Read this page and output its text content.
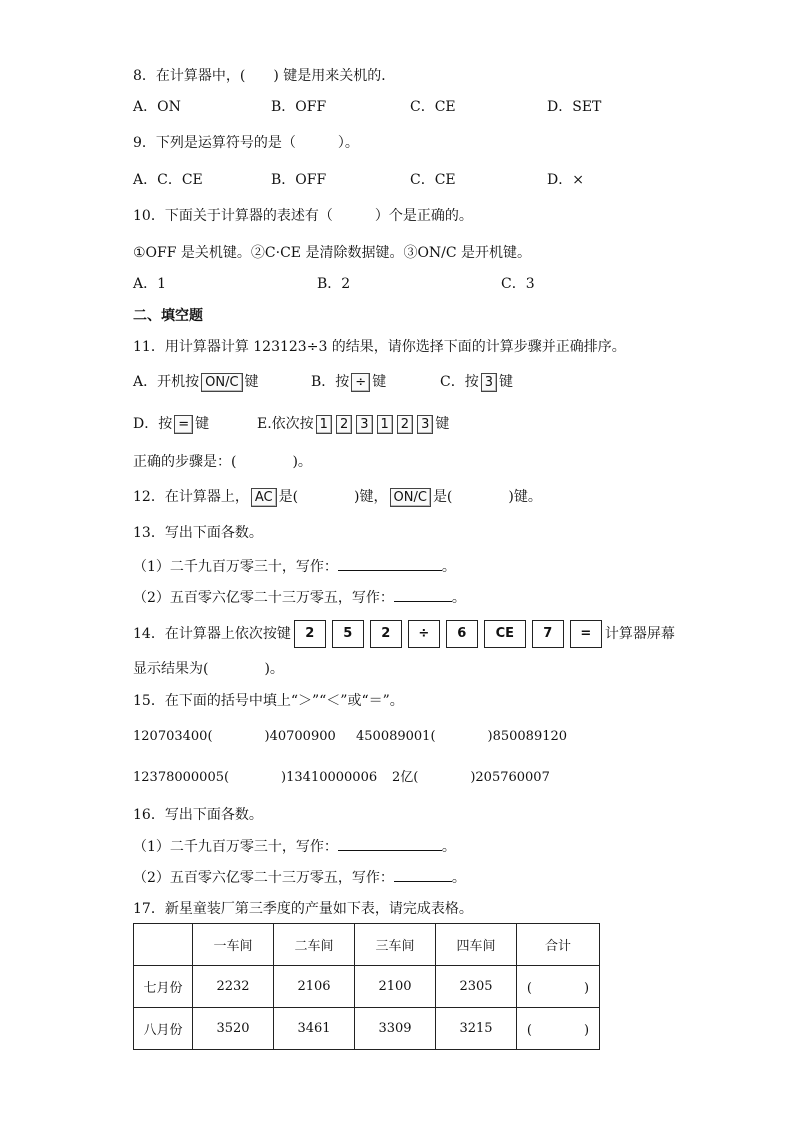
8．在计算器中，(　　) 键是用来关机的．
A．ON	B．OFF	C．CE	D．SET
9．下列是运算符号的是（　　　）。
A．C．CE	B．OFF	C．CE	D．×
10．下面关于计算器的表述有（　　　）个是正确的。
①OFF 是关机键。②C·CE 是清除数据键。③ON/C 是开机键。
A．1	B．2	C．3
二、填空题
11．用计算器计算 123123÷3 的结果，请你选择下面的计算步骤并正确排序。
A．开机按 ON/C 键	B．按 ÷ 键	C．按 3 键
D．按 = 键	E.依次按 1 2 3 1 2 3 键
正确的步骤是：(　　　　)。
12．在计算器上， AC 是(　　　　)键， ON/C 是(　　　　)键。
13．写出下面各数。
（1）二千九百万零三十，写作：	。
（2）五百零六亿零二十三万零五，写作：	。
14．在计算器上依次按键 2 5 2 ÷ 6 CE 7 = 计算器屏幕
显示结果为(　　　　)。
15．在下面的括号中填上“＞”“＜”或“＝”。
120703400(　　　　)40700900 450089001(　　　　)850089120
12378000005(　　　　)13410000006 2亿(　　　　)205760007
16．写出下面各数。
（1）二千九百万零三十，写作：	。
（2）五百零六亿零二十三万零五，写作：	。
17．新星童装厂第三季度的产量如下表，请完成表格。
	一车间	二车间	三车间	四车间	合计
七月份	2232	2106	2100	2305	(　　　　)
八月份	3520	3461	3309	3215	(　　　　)
